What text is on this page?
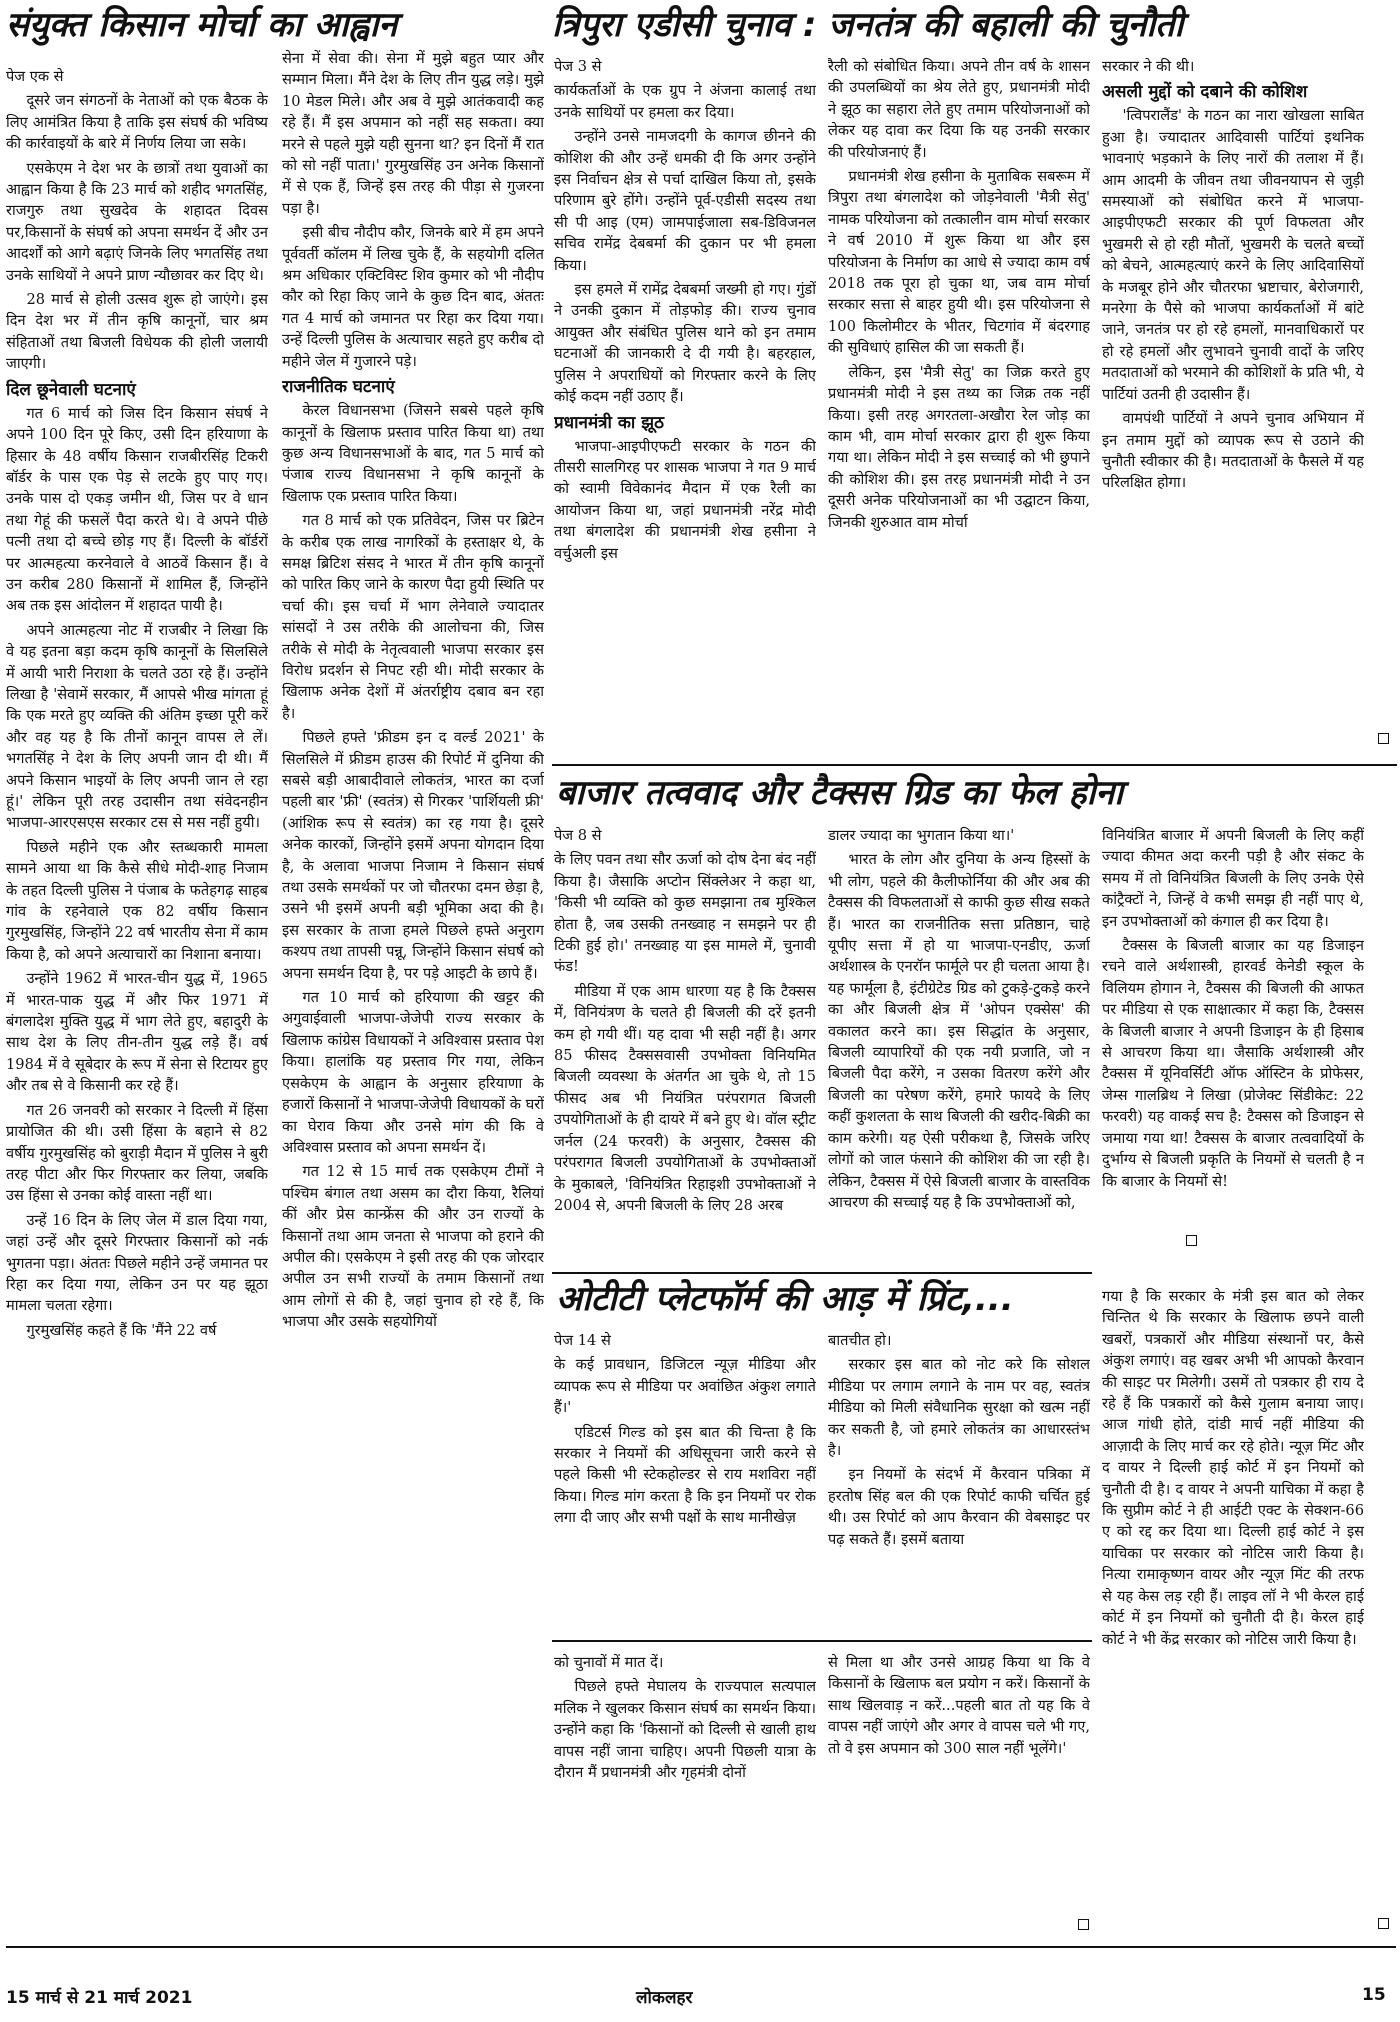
संयुक्त किसान मोर्चा का आह्वान	त्रिपुरा एडीसी चुनाव : जनतंत्र की बहाली की चुनौती

पेज एक से

दूसरे जन संगठनों के नेताओं को एक बैठक के लिए आमंत्रित किया है ताकि इस संघर्ष की भविष्य की कार्रवाइयों के बारे में निर्णय लिया जा सके।

एसकेएम ने देश भर के छात्रों तथा युवाओं का आह्वान किया है कि 23 मार्च को शहीद भगतसिंह, राजगुरु तथा सुखदेव के शहादत दिवस पर,किसानों के संघर्ष को अपना समर्थन दें और उन आदर्शों को आगे बढ़ाएं जिनके लिए भगतसिंह तथा उनके साथियों ने अपने प्राण न्यौछावर कर दिए थे।

28 मार्च से होली उत्सव शुरू हो जाएंगे। इस दिन देश भर में तीन कृषि कानूनों, चार श्रम संहिताओं तथा बिजली विधेयक की होली जलायी जाएगी।

दिल छूनेवाली घटनाएं

गत 6 मार्च को जिस दिन किसान संघर्ष ने अपने 100 दिन पूरे किए, उसी दिन हरियाणा के हिसार के 48 वर्षीय किसान राजबीरसिंह टिकरी बॉर्डर के पास एक पेड़ से लटके हुए पाए गए। उनके पास दो एकड़ जमीन थी, जिस पर वे धान तथा गेहूं की फसलें पैदा करते थे। वे अपने पीछे पत्नी तथा दो बच्चे छोड़ गए हैं। दिल्ली के बॉर्डरों पर आत्महत्या करनेवाले वे आठवें किसान हैं। वे उन करीब 280 किसानों में शामिल हैं, जिन्होंने अब तक इस आंदोलन में शहादत पायी है।

अपने आत्महत्या नोट में राजबीर ने लिखा कि वे यह इतना बड़ा कदम कृषि कानूनों के सिलसिले में आयी भारी निराशा के चलते उठा रहे हैं। उन्होंने लिखा है 'सेवामें सरकार, मैं आपसे भीख मांगता हूं कि एक मरते हुए व्यक्ति की अंतिम इच्छा पूरी करें और वह यह है कि तीनों कानून वापस ले लें। भगतसिंह ने देश के लिए अपनी जान दी थी। मैं अपने किसान भाइयों के लिए अपनी जान ले रहा हूं।' लेकिन पूरी तरह उदासीन तथा संवेदनहीन भाजपा-आरएसएस सरकार टस से मस नहीं हुयी।

पिछले महीने एक और स्तब्धकारी मामला सामने आया था कि कैसे सीधे मोदी-शाह निजाम के तहत दिल्ली पुलिस ने पंजाब के फतेहगढ़ साहब गांव के रहनेवाले एक 82 वर्षीय किसान गुरमुखसिंह, जिन्होंने 22 वर्ष भारतीय सेना में काम किया है, को अपने अत्याचारों का निशाना बनाया।

उन्होंने 1962 में भारत-चीन युद्ध में, 1965 में भारत-पाक युद्ध में और फिर 1971 में बंगलादेश मुक्ति युद्ध में भाग लेते हुए, बहादुरी के साथ देश के लिए तीन-तीन युद्ध लड़े हैं। वर्ष 1984 में वे सूबेदार के रूप में सेना से रिटायर हुए और तब से वे किसानी कर रहे हैं।

गत 26 जनवरी को सरकार ने दिल्ली में हिंसा प्रायोजित की थी। उसी हिंसा के बहाने से 82 वर्षीय गुरमुखसिंह को बुराड़ी मैदान में पुलिस ने बुरी तरह पीटा और फिर गिरफ्तार कर लिया, जबकि उस हिंसा से उनका कोई वास्ता नहीं था।

उन्हें 16 दिन के लिए जेल में डाल दिया गया, जहां उन्हें और दूसरे गिरफ्तार किसानों को नर्क भुगतना पड़ा। अंततः पिछले महीने उन्हें जमानत पर रिहा कर दिया गया, लेकिन उन पर यह झूठा मामला चलता रहेगा।

गुरमुखसिंह कहते हैं कि 'मैंने 22 वर्ष

सेना में सेवा की। सेना में मुझे बहुत प्यार और सम्मान मिला। मैंने देश के लिए तीन युद्ध लड़े। मुझे 10 मेडल मिले। और अब वे मुझे आतंकवादी कह रहे हैं। मैं इस अपमान को नहीं सह सकता। क्या मरने से पहले मुझे यही सुनना था? इन दिनों मैं रात को सो नहीं पाता।' गुरमुखसिंह उन अनेक किसानों में से एक हैं, जिन्हें इस तरह की पीड़ा से गुजरना पड़ा है।

इसी बीच नौदीप कौर, जिनके बारे में हम अपने पूर्ववर्ती कॉलम में लिख चुके हैं, के सहयोगी दलित श्रम अधिकार एक्टिविस्ट शिव कुमार को भी नौदीप कौर को रिहा किए जाने के कुछ दिन बाद, अंततः गत 4 मार्च को जमानत पर रिहा कर दिया गया। उन्हें दिल्ली पुलिस के अत्याचार सहते हुए करीब दो महीने जेल में गुजारने पड़े।

राजनीतिक घटनाएं

केरल विधानसभा (जिसने सबसे पहले कृषि कानूनों के खिलाफ प्रस्ताव पारित किया था) तथा कुछ अन्य विधानसभाओं के बाद, गत 5 मार्च को पंजाब राज्य विधानसभा ने कृषि कानूनों के खिलाफ एक प्रस्ताव पारित किया।

गत 8 मार्च को एक प्रतिवेदन, जिस पर ब्रिटेन के करीब एक लाख नागरिकों के हस्ताक्षर थे, के समक्ष ब्रिटिश संसद ने भारत में तीन कृषि कानूनों को पारित किए जाने के कारण पैदा हुयी स्थिति पर चर्चा की। इस चर्चा में भाग लेनेवाले ज्यादातर सांसदों ने उस तरीके की आलोचना की, जिस तरीके से मोदी के नेतृत्ववाली भाजपा सरकार इस विरोध प्रदर्शन से निपट रही थी। मोदी सरकार के खिलाफ अनेक देशों में अंतर्राष्ट्रीय दबाव बन रहा है।

पिछले हफ्ते 'फ्रीडम इन द वर्ल्ड 2021' के सिलसिले में फ्रीडम हाउस की रिपोर्ट में दुनिया की सबसे बड़ी आबादीवाले लोकतंत्र, भारत का दर्जा पहली बार 'फ्री' (स्वतंत्र) से गिरकर 'पार्शियली फ्री' (आंशिक रूप से स्वतंत्र) का रह गया है। दूसरे अनेक कारकों, जिन्होंने इसमें अपना योगदान दिया है, के अलावा भाजपा निजाम ने किसान संघर्ष तथा उसके समर्थकों पर जो चौतरफा दमन छेड़ा है, उसने भी इसमें अपनी बड़ी भूमिका अदा की है। इस सरकार के ताजा हमले पिछले हफ्ते अनुराग कश्यप तथा तापसी पन्नू, जिन्होंने किसान संघर्ष को अपना समर्थन दिया है, पर पड़े आइटी के छापे हैं।

गत 10 मार्च को हरियाणा की खट्टर की अगुवाईवाली भाजपा-जेजेपी राज्य सरकार के खिलाफ कांग्रेस विधायकों ने अविश्वास प्रस्ताव पेश किया। हालांकि यह प्रस्ताव गिर गया, लेकिन एसकेएम के आह्वान के अनुसार हरियाणा के हजारों किसानों ने भाजपा-जेजेपी विधायकों के घरों का घेराव किया और उनसे मांग की कि वे अविश्वास प्रस्ताव को अपना समर्थन दें।

गत 12 से 15 मार्च तक एसकेएम टीमों ने पश्चिम बंगाल तथा असम का दौरा किया, रैलियां कीं और प्रेस कान्फ्रेंस की और उन राज्यों के किसानों तथा आम जनता से भाजपा को हराने की अपील की। एसकेएम ने इसी तरह की एक जोरदार अपील उन सभी राज्यों के तमाम किसानों तथा आम लोगों से की है, जहां चुनाव हो रहे हैं, कि भाजपा और उसके सहयोगियों

पेज 3 से

कार्यकर्ताओं के एक ग्रुप ने अंजना कालाई तथा उनके साथियों पर हमला कर दिया।

उन्होंने उनसे नामजदगी के कागज छीनने की कोशिश की और उन्हें धमकी दी कि अगर उन्होंने इस निर्वाचन क्षेत्र से पर्चा दाखिल किया तो, इसके परिणाम बुरे होंगे। उन्होंने पूर्व-एडीसी सदस्य तथा सी पी आइ (एम) जामपाईजाला सब-डिविजनल सचिव रामेंद्र देबबर्मा की दुकान पर भी हमला किया।

इस हमले में रामेंद्र देबबर्मा जख्मी हो गए। गुंडों ने उनकी दुकान में तोड़फोड़ की। राज्य चुनाव आयुक्त और संबंधित पुलिस थाने को इन तमाम घटनाओं की जानकारी दे दी गयी है। बहरहाल, पुलिस ने अपराधियों को गिरफ्तार करने के लिए कोई कदम नहीं उठाए हैं।

प्रधानमंत्री का झूठ

भाजपा-आइपीएफटी सरकार के गठन की तीसरी सालगिरह पर शासक भाजपा ने गत 9 मार्च को स्वामी विवेकानंद मैदान में एक रैली का आयोजन किया था, जहां प्रधानमंत्री नरेंद्र मोदी तथा बंगलादेश की प्रधानमंत्री शेख हसीना ने वर्चुअली इस

रैली को संबोधित किया। अपने तीन वर्ष के शासन की उपलब्धियों का श्रेय लेते हुए, प्रधानमंत्री मोदी ने झूठ का सहारा लेते हुए तमाम परियोजनाओं को लेकर यह दावा कर दिया कि यह उनकी सरकार की परियोजनाएं हैं।

प्रधानमंत्री शेख हसीना के मुताबिक सबरूम में त्रिपुरा तथा बंगलादेश को जोड़नेवाली 'मैत्री सेतु' नामक परियोजना को तत्कालीन वाम मोर्चा सरकार ने वर्ष 2010 में शुरू किया था और इस परियोजना के निर्माण का आधे से ज्यादा काम वर्ष 2018 तक पूरा हो चुका था, जब वाम मोर्चा सरकार सत्ता से बाहर हुयी थी। इस परियोजना से 100 किलोमीटर के भीतर, चिटगांव में बंदरगाह की सुविधाएं हासिल की जा सकती हैं।

लेकिन, इस 'मैत्री सेतु' का जिक्र करते हुए प्रधानमंत्री मोदी ने इस तथ्य का जिक्र तक नहीं किया। इसी तरह अगरतला-अखौरा रेल जोड़ का काम भी, वाम मोर्चा सरकार द्वारा ही शुरू किया गया था। लेकिन मोदी ने इस सच्चाई को भी छुपाने की कोशिश की। इस तरह प्रधानमंत्री मोदी ने उन दूसरी अनेक परियोजनाओं का भी उद्घाटन किया, जिनकी शुरुआत वाम मोर्चा

सरकार ने की थी।

असली मुद्दों को दबाने की कोशिश

'त्विपरालैंड' के गठन का नारा खोखला साबित हुआ है। ज्यादातर आदिवासी पार्टियां इथनिक भावनाएं भड़काने के लिए नारों की तलाश में हैं। आम आदमी के जीवन तथा जीवनयापन से जुड़ी समस्याओं को संबोधित करने में भाजपा-आइपीएफटी सरकार की पूर्ण विफलता और भुखमरी से हो रही मौतों, भुखमरी के चलते बच्चों को बेचने, आत्महत्याएं करने के लिए आदिवासियों के मजबूर होने और चौतरफा भ्रष्टाचार, बेरोजगारी, मनरेगा के पैसे को भाजपा कार्यकर्ताओं में बांटे जाने, जनतंत्र पर हो रहे हमलों, मानवाधिकारों पर हो रहे हमलों और लुभावने चुनावी वादों के जरिए मतदाताओं को भरमाने की कोशिशों के प्रति भी, ये पार्टियां उतनी ही उदासीन हैं।

वामपंथी पार्टियों ने अपने चुनाव अभियान में इन तमाम मुद्दों को व्यापक रूप से उठाने की चुनौती स्वीकार की है। मतदाताओं के फैसले में यह परिलक्षित होगा।

बाजार तत्ववाद और टैक्सस ग्रिड का फेल होना

पेज 8 से

के लिए पवन तथा सौर ऊर्जा को दोष देना बंद नहीं किया है। जैसाकि अप्टोन सिंक्लेअर ने कहा था, 'किसी भी व्यक्ति को कुछ समझाना तब मुश्किल होता है, जब उसकी तनख्वाह न समझने पर ही टिकी हुई हो।' तनख्वाह या इस मामले में, चुनावी फंड!

मीडिया में एक आम धारणा यह है कि टैक्सस में, विनियंत्रण के चलते ही बिजली की दरें इतनी कम हो गयी थीं। यह दावा भी सही नहीं है। अगर 85 फीसद टैक्ससवासी उपभोक्ता विनियमित बिजली व्यवस्था के अंतर्गत आ चुके थे, तो 15 फीसद अब भी नियंत्रित परंपरागत बिजली उपयोगिताओं के ही दायरे में बने हुए थे। वॉल स्ट्रीट जर्नल (24 फरवरी) के अनुसार, टैक्सस की परंपरागत बिजली उपयोगिताओं के उपभोक्ताओं के मुकाबले, 'विनियंत्रित रिहाइशी उपभोक्ताओं ने 2004 से, अपनी बिजली के लिए 28 अरब

डालर ज्यादा का भुगतान किया था।'

भारत के लोग और दुनिया के अन्य हिस्सों के भी लोग, पहले की कैलीफोर्निया की और अब की टैक्सस की विफलताओं से काफी कुछ सीख सकते हैं। भारत का राजनीतिक सत्ता प्रतिष्ठान, चाहे यूपीए सत्ता में हो या भाजपा-एनडीए, ऊर्जा अर्थशास्त्र के एनरॉन फार्मूले पर ही चलता आया है। यह फार्मूला है, इंटीग्रेटेड ग्रिड को टुकड़े-टुकड़े करने का और बिजली क्षेत्र में 'ओपन एक्सेस' की वकालत करने का। इस सिद्धांत के अनुसार, बिजली व्यापारियों की एक नयी प्रजाति, जो न बिजली पैदा करेंगे, न उसका वितरण करेंगे और बिजली का परेषण करेंगे, हमारे फायदे के लिए कहीं कुशलता के साथ बिजली की खरीद-बिक्री का काम करेगी। यह ऐसी परीकथा है, जिसके जरिए लोगों को जाल फंसाने की कोशिश की जा रही है। लेकिन, टैक्सस में ऐसे बिजली बाजार के वास्तविक आचरण की सच्चाई यह है कि उपभोक्ताओं को,

विनियंत्रित बाजार में अपनी बिजली के लिए कहीं ज्यादा कीमत अदा करनी पड़ी है और संकट के समय में तो विनियंत्रित बिजली के लिए उनके ऐसे कांट्रैक्टों ने, जिन्हें वे कभी समझ ही नहीं पाए थे, इन उपभोक्ताओं को कंगाल ही कर दिया है।

टैक्सस के बिजली बाजार का यह डिजाइन रचने वाले अर्थशास्त्री, हारवर्ड केनेडी स्कूल के विलियम होगान ने, टैक्सस की बिजली की आफत पर मीडिया से एक साक्षात्कार में कहा कि, टैक्सस के बिजली बाजार ने अपनी डिजाइन के ही हिसाब से आचरण किया था। जैसाकि अर्थशास्त्री और टैक्सस में यूनिवर्सिटी ऑफ ऑस्टिन के प्रोफेसर, जेम्स गालब्रिथ ने लिखा (प्रोजेक्ट सिंडीकेट: 22 फरवरी) यह वाकई सच है: टैक्सस को डिजाइन से जमाया गया था! टैक्सस के बाजार तत्ववादियों के दुर्भाग्य से बिजली प्रकृति के नियमों से चलती है न कि बाजार के नियमों से!

ओटीटी प्लेटफॉर्म की आड़ में प्रिंट,...

पेज 14 से

के कई प्रावधान, डिजिटल न्यूज़ मीडिया और व्यापक रूप से मीडिया पर अवांछित अंकुश लगाते हैं।'

एडिटर्स गिल्ड को इस बात की चिन्ता है कि सरकार ने नियमों की अधिसूचना जारी करने से पहले किसी भी स्टेकहोल्डर से राय मशविरा नहीं किया। गिल्ड मांग करता है कि इन नियमों पर रोक लगा दी जाए और सभी पक्षों के साथ मानीखेज़

बातचीत हो।

सरकार इस बात को नोट करे कि सोशल मीडिया पर लगाम लगाने के नाम पर वह, स्वतंत्र मीडिया को मिली संवैधानिक सुरक्षा को खत्म नहीं कर सकती है, जो हमारे लोकतंत्र का आधारस्तंभ है।

इन नियमों के संदर्भ में कैरवान पत्रिका में हरतोष सिंह बल की एक रिपोर्ट काफी चर्चित हुई थी। उस रिपोर्ट को आप कैरवान की वेबसाइट पर पढ़ सकते हैं। इसमें बताया

गया है कि सरकार के मंत्री इस बात को लेकर चिन्तित थे कि सरकार के खिलाफ छपने वाली खबरों, पत्रकारों और मीडिया संस्थानों पर, कैसे अंकुश लगाएं। वह खबर अभी भी आपको कैरवान की साइट पर मिलेगी। उसमें तो पत्रकार ही राय दे रहे हैं कि पत्रकारों को कैसे गुलाम बनाया जाए। आज गांधी होते, दांडी मार्च नहीं मीडिया की आज़ादी के लिए मार्च कर रहे होते। न्यूज़ मिंट और द वायर ने दिल्ली हाई कोर्ट में इन नियमों को चुनौती दी है। द वायर ने अपनी याचिका में कहा है कि सुप्रीम कोर्ट ने ही आईटी एक्ट के सेक्शन-66 ए को रद्द कर दिया था। दिल्ली हाई कोर्ट ने इस याचिका पर सरकार को नोटिस जारी किया है। नित्या रामाकृष्णन वायर और न्यूज़ मिंट की तरफ से यह केस लड़ रही हैं। लाइव लॉ ने भी केरल हाई कोर्ट में इन नियमों को चुनौती दी है। केरल हाई कोर्ट ने भी केंद्र सरकार को नोटिस जारी किया है।

को चुनावों में मात दें।

पिछले हफ्ते मेघालय के राज्यपाल सत्यपाल मलिक ने खुलकर किसान संघर्ष का समर्थन किया। उन्होंने कहा कि 'किसानों को दिल्ली से खाली हाथ वापस नहीं जाना चाहिए। अपनी पिछली यात्रा के दौरान मैं प्रधानमंत्री और गृहमंत्री दोनों

से मिला था और उनसे आग्रह किया था कि वे किसानों के खिलाफ बल प्रयोग न करें। किसानों के साथ खिलवाड़ न करें...पहली बात तो यह कि वे वापस नहीं जाएंगे और अगर वे वापस चले भी गए, तो वे इस अपमान को 300 साल नहीं भूलेंगे।'

15 मार्च से 21 मार्च 2021	लोकलहर	15
